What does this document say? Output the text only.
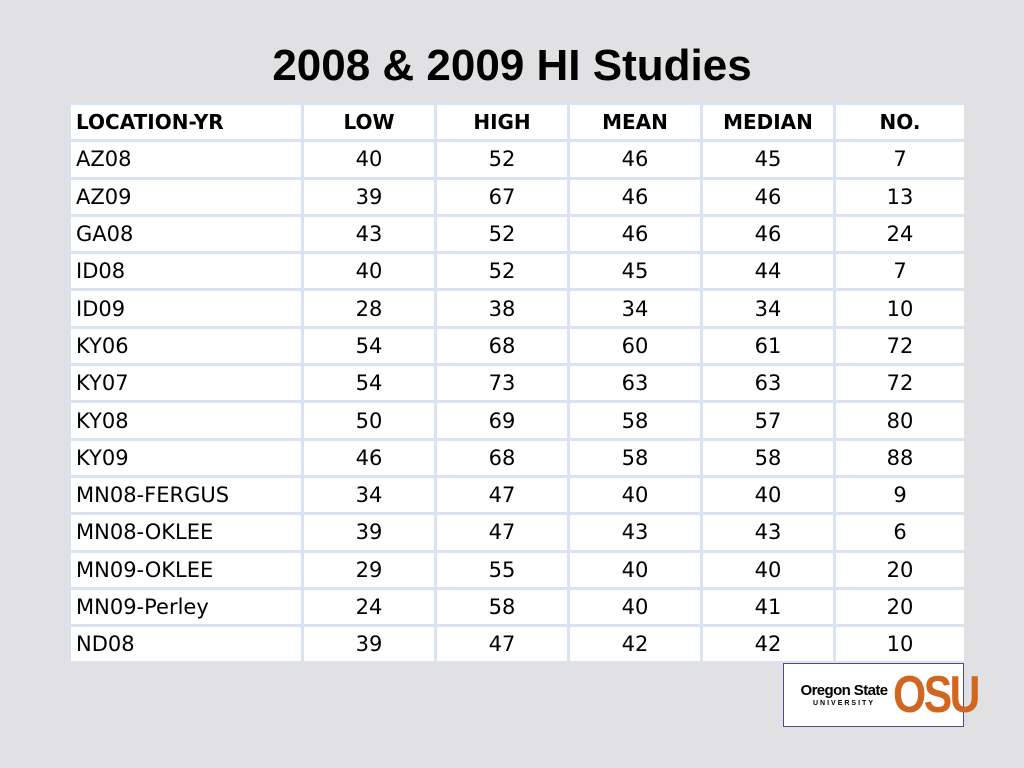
2008 & 2009 HI Studies
LOCATION-YR	LOW	HIGH	MEAN	MEDIAN	NO.
AZ08	40	52	46	45	7
AZ09	39	67	46	46	13
GA08	43	52	46	46	24
ID08	40	52	45	44	7
ID09	28	38	34	34	10
KY06	54	68	60	61	72
KY07	54	73	63	63	72
KY08	50	69	58	57	80
KY09	46	68	58	58	88
MN08-FERGUS	34	47	40	40	9
MN08-OKLEE	39	47	43	43	6
MN09-OKLEE	29	55	40	40	20
MN09-Perley	24	58	40	41	20
ND08	39	47	42	42	10
Oregon State
UNIVERSITY OSU
